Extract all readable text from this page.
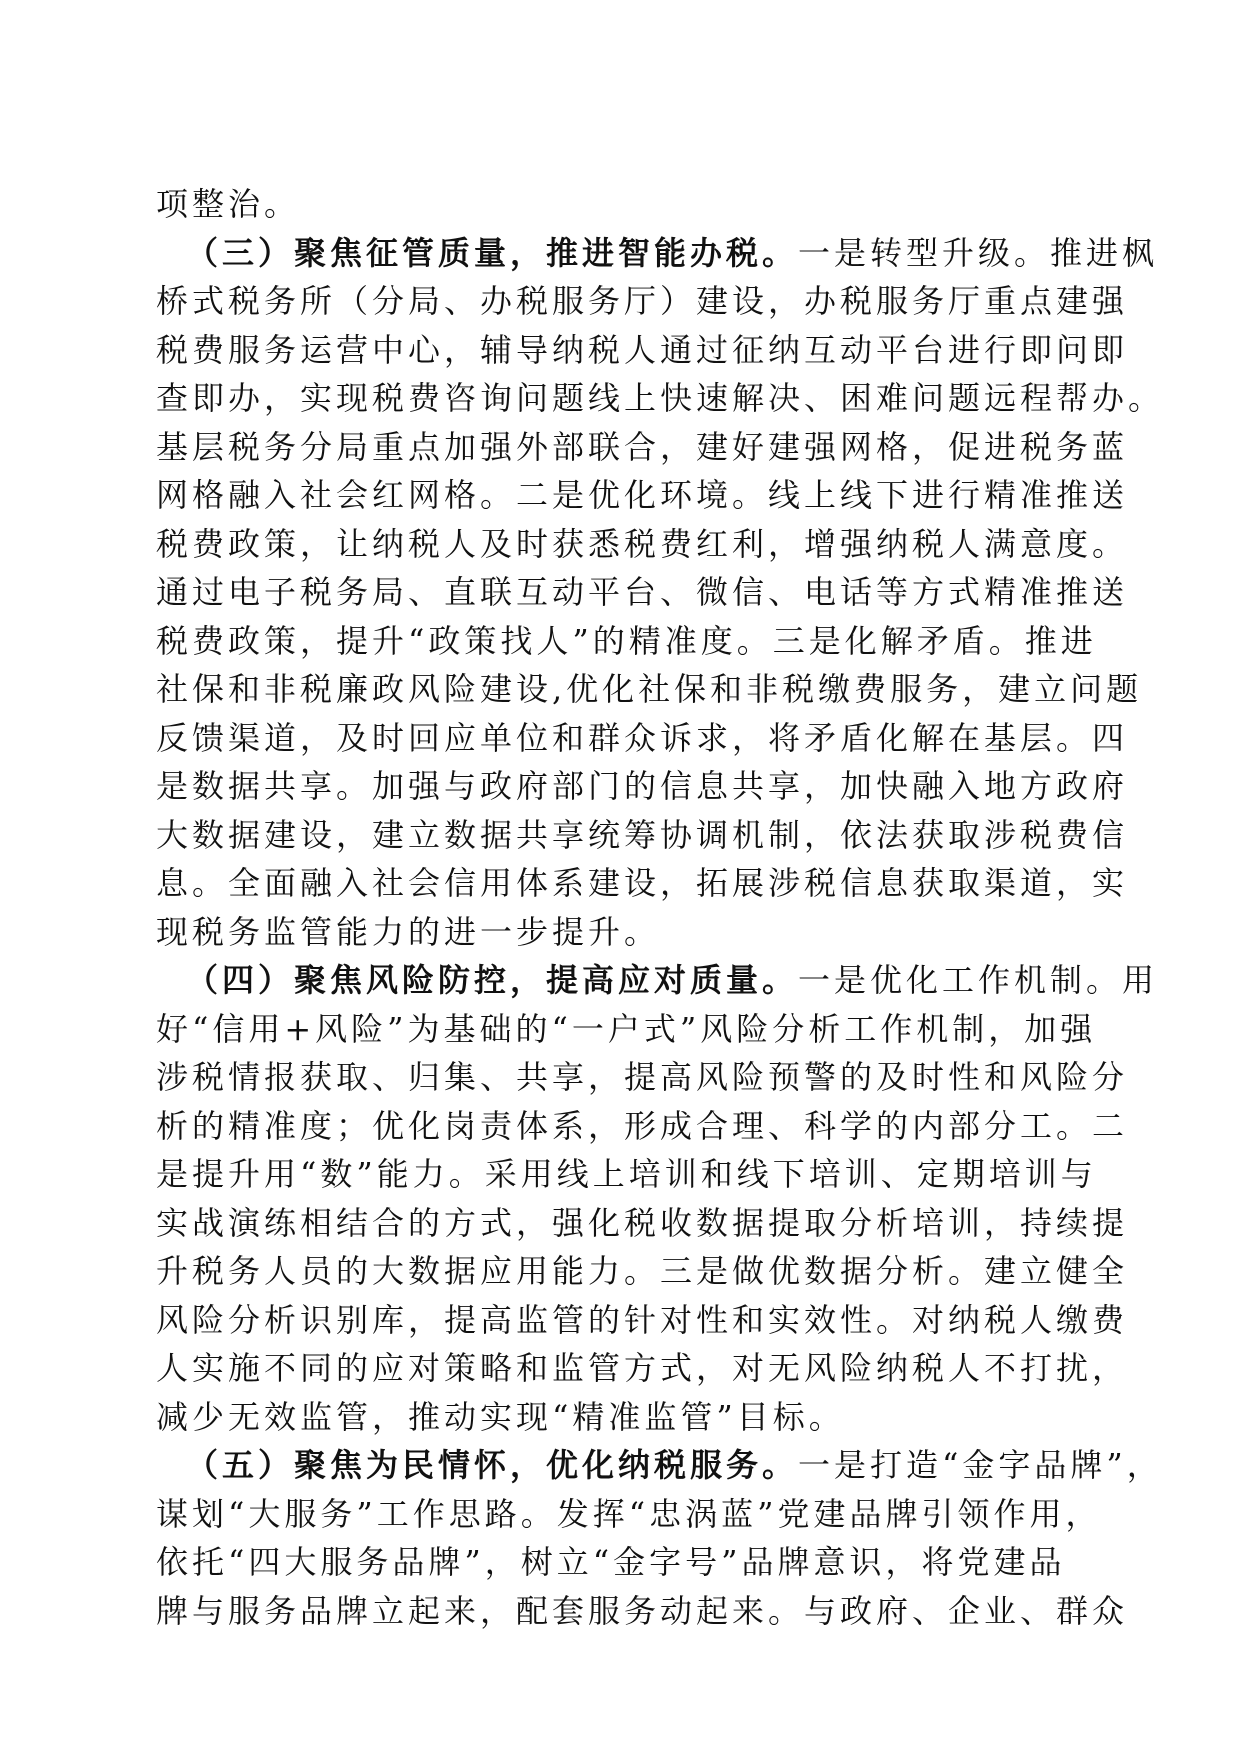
项整治。
（三）聚焦征管质量，推进智能办税。一是转型升级。推进枫
桥式税务所（分局、办税服务厅）建设，办税服务厅重点建强
税费服务运营中心，辅导纳税人通过征纳互动平台进行即问即
查即办，实现税费咨询问题线上快速解决、困难问题远程帮办。
基层税务分局重点加强外部联合，建好建强网格，促进税务蓝
网格融入社会红网格。二是优化环境。线上线下进行精准推送
税费政策，让纳税人及时获悉税费红利，增强纳税人满意度。
通过电子税务局、直联互动平台、微信、电话等方式精准推送
税费政策，提升“政策找人”的精准度。三是化解矛盾。推进
社保和非税廉政风险建设,优化社保和非税缴费服务，建立问题
反馈渠道，及时回应单位和群众诉求，将矛盾化解在基层。四
是数据共享。加强与政府部门的信息共享，加快融入地方政府
大数据建设，建立数据共享统筹协调机制，依法获取涉税费信
息。全面融入社会信用体系建设，拓展涉税信息获取渠道，实
现税务监管能力的进一步提升。
（四）聚焦风险防控，提高应对质量。一是优化工作机制。用
好“信用+风险”为基础的“一户式”风险分析工作机制，加强
涉税情报获取、归集、共享，提高风险预警的及时性和风险分
析的精准度；优化岗责体系，形成合理、科学的内部分工。二
是提升用“数”能力。采用线上培训和线下培训、定期培训与
实战演练相结合的方式，强化税收数据提取分析培训，持续提
升税务人员的大数据应用能力。三是做优数据分析。建立健全
风险分析识别库，提高监管的针对性和实效性。对纳税人缴费
人实施不同的应对策略和监管方式，对无风险纳税人不打扰，
减少无效监管，推动实现“精准监管”目标。
（五）聚焦为民情怀，优化纳税服务。一是打造“金字品牌”，
谋划“大服务”工作思路。发挥“忠涡蓝”党建品牌引领作用，
依托“四大服务品牌”，树立“金字号”品牌意识，将党建品
牌与服务品牌立起来，配套服务动起来。与政府、企业、群众
